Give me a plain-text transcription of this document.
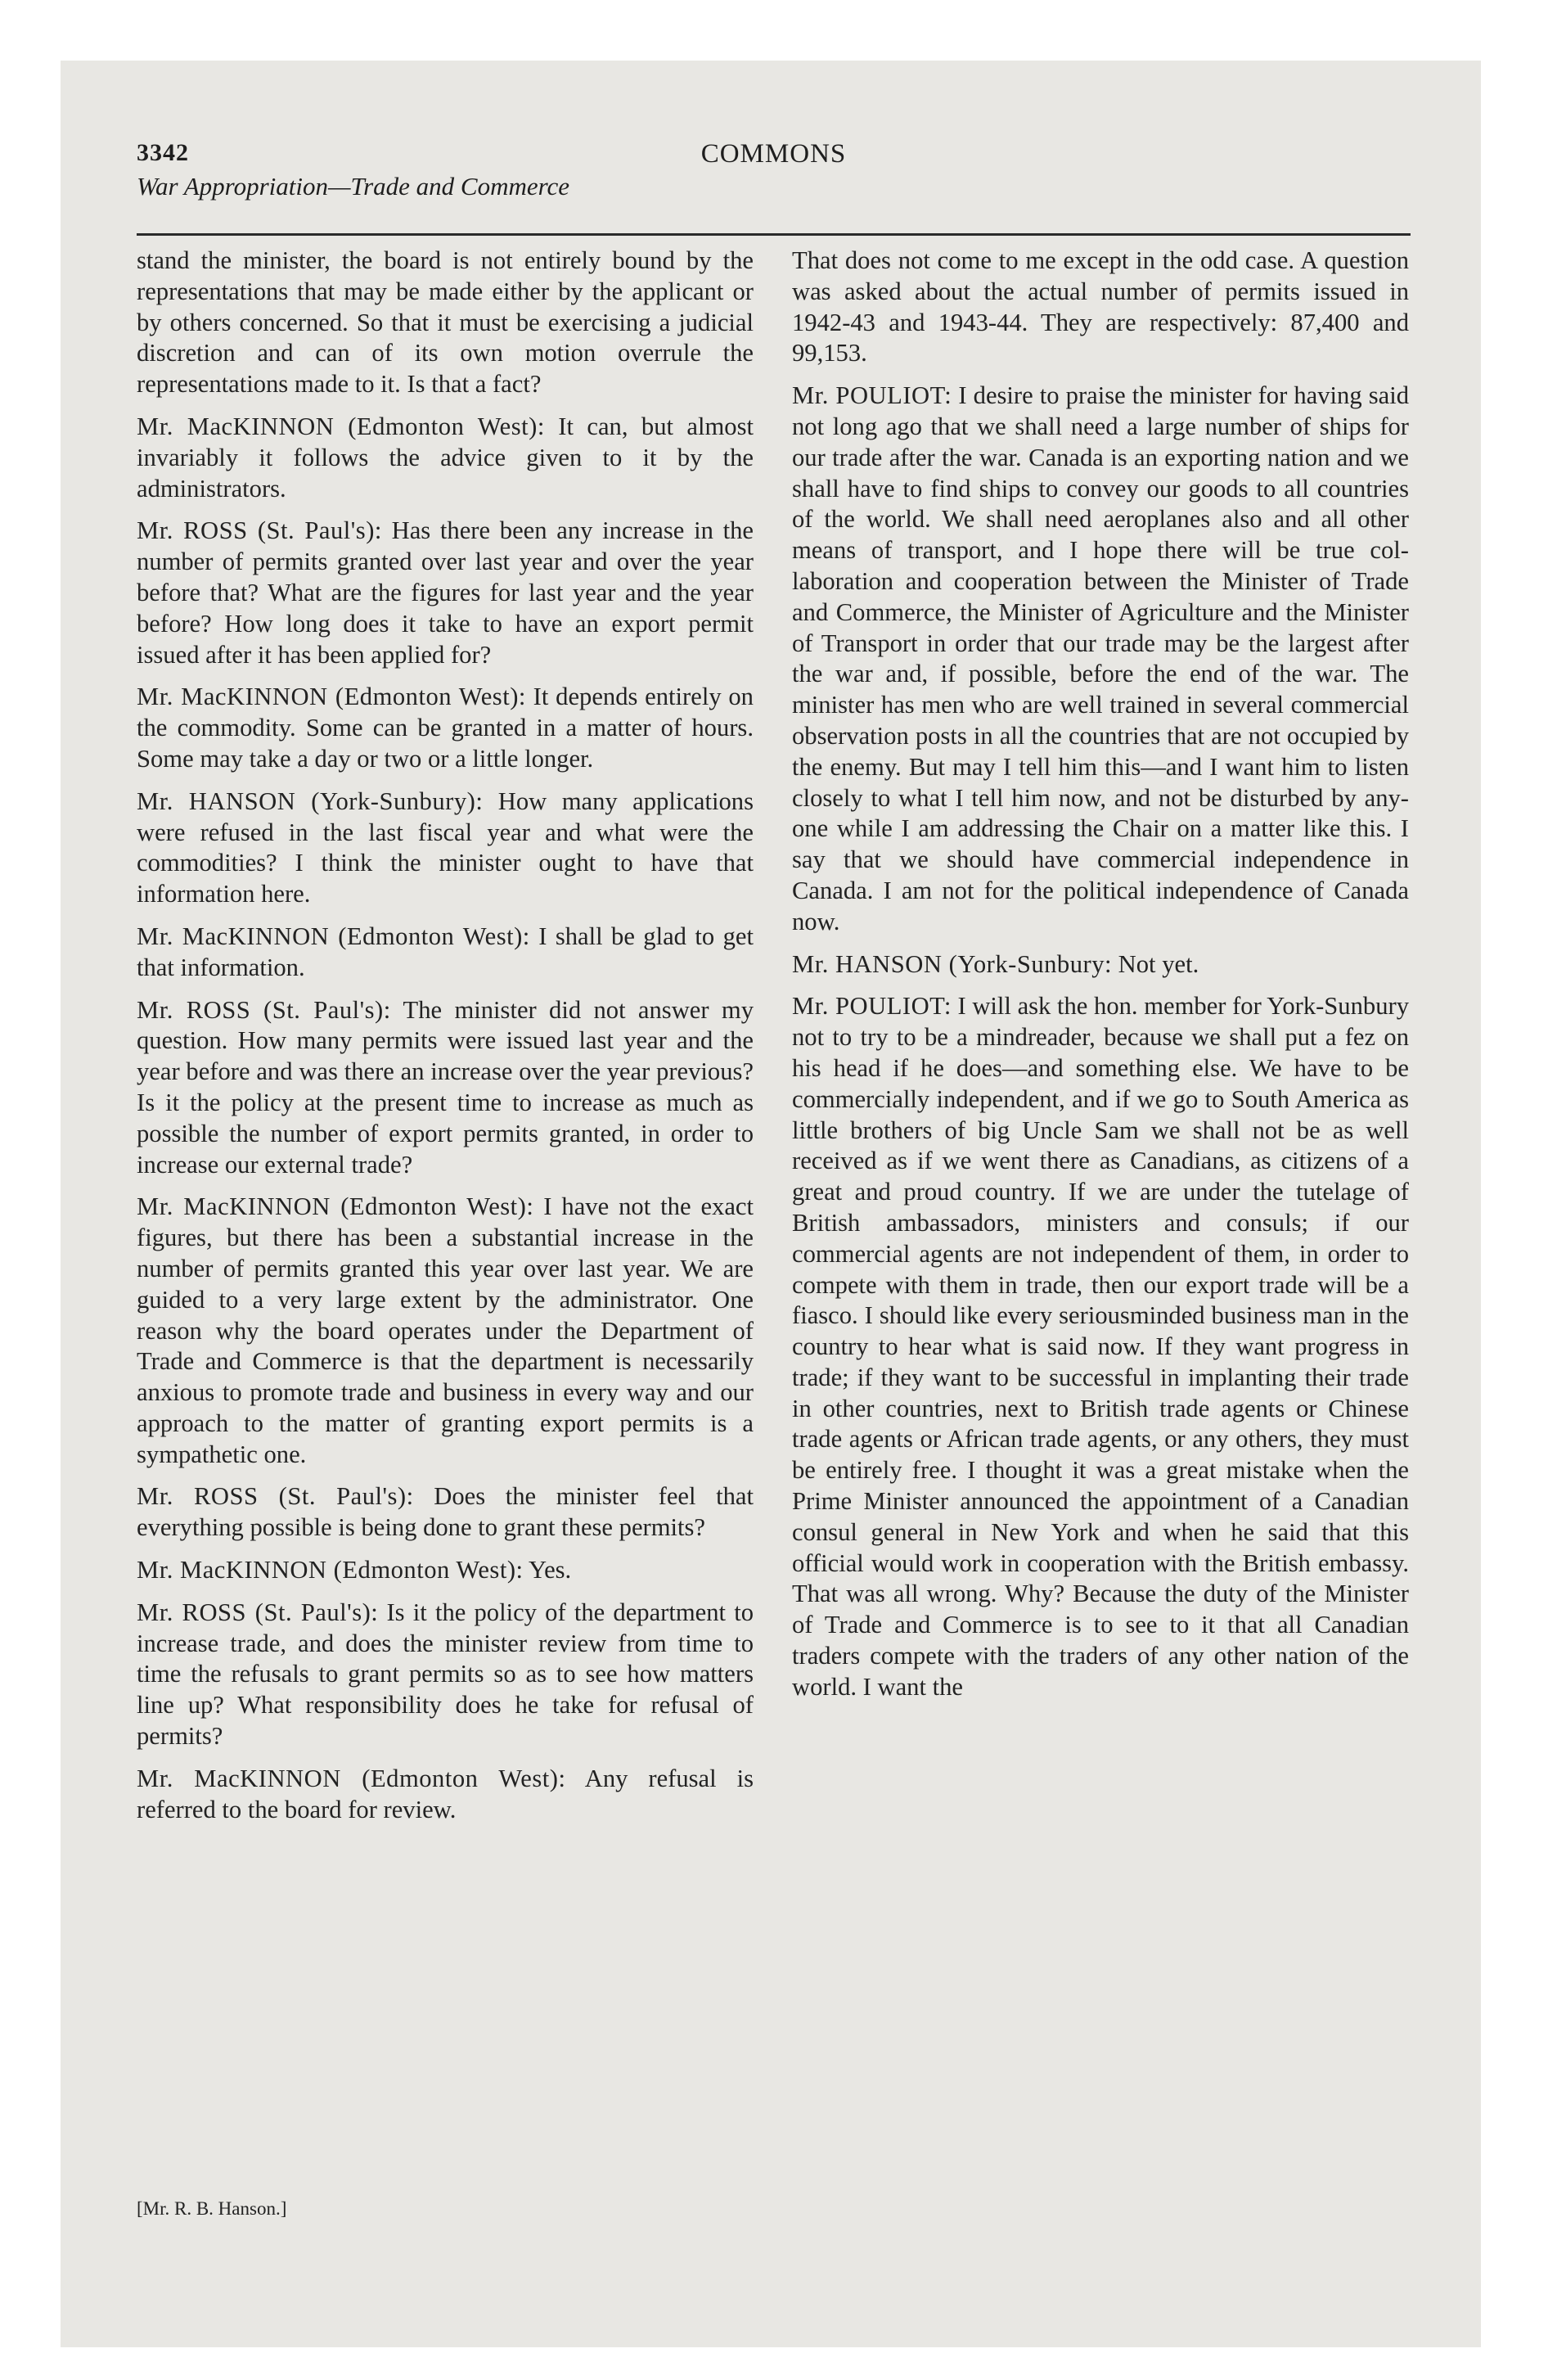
3342	COMMONS
War Appropriation—Trade and Commerce

stand the minister, the board is not entirely bound by the representations that may be made either by the applicant or by others concerned. So that it must be exercising a judicial discretion and can of its own motion overrule the representations made to it. Is that a fact?

Mr. MacKINNON (Edmonton West): It can, but almost invariably it follows the advice given to it by the administrators.

Mr. ROSS (St. Paul's): Has there been any increase in the number of permits granted over last year and over the year before that? What are the figures for last year and the year before? How long does it take to have an export permit issued after it has been applied for?

Mr. MacKINNON (Edmonton West): It depends entirely on the commodity. Some can be granted in a matter of hours. Some may take a day or two or a little longer.

Mr. HANSON (York-Sunbury): How many applications were refused in the last fiscal year and what were the commodities? I think the minister ought to have that information here.

Mr. MacKINNON (Edmonton West): I shall be glad to get that information.

Mr. ROSS (St. Paul's): The minister did not answer my question. How many permits were issued last year and the year before and was there an increase over the year previous? Is it the policy at the present time to increase as much as possible the number of export permits granted, in order to increase our external trade?

Mr. MacKINNON (Edmonton West): I have not the exact figures, but there has been a substantial increase in the number of permits granted this year over last year. We are guided to a very large extent by the administrator. One reason why the board operates under the Department of Trade and Commerce is that the department is necessarily anxious to promote trade and business in every way and our approach to the matter of granting export permits is a sympathetic one.

Mr. ROSS (St. Paul's): Does the minister feel that everything possible is being done to grant these permits?

Mr. MacKINNON (Edmonton West): Yes.

Mr. ROSS (St. Paul's): Is it the policy of the department to increase trade, and does the minister review from time to time the refusals to grant permits so as to see how matters line up? What responsibility does he take for refusal of permits?

Mr. MacKINNON (Edmonton West): Any refusal is referred to the board for review.

That does not come to me except in the odd case. A question was asked about the actual number of permits issued in 1942-43 and 1943-44. They are respectively: 87,400 and 99,153.

Mr. POULIOT: I desire to praise the minister for having said not long ago that we shall need a large number of ships for our trade after the war. Canada is an exporting nation and we shall have to find ships to convey our goods to all countries of the world. We shall need aeroplanes also and all other means of transport, and I hope there will be true collaboration and cooperation between the Minister of Trade and Commerce, the Minister of Agriculture and the Minister of Transport in order that our trade may be the largest after the war and, if possible, before the end of the war. The minister has men who are well trained in several commercial observation posts in all the countries that are not occupied by the enemy. But may I tell him this—and I want him to listen closely to what I tell him now, and not be disturbed by anyone while I am addressing the Chair on a matter like this. I say that we should have commercial independence in Canada. I am not for the political independence of Canada now.

Mr. HANSON (York-Sunbury: Not yet.

Mr. POULIOT: I will ask the hon. member for York-Sunbury not to try to be a mindreader, because we shall put a fez on his head if he does—and something else. We have to be commercially independent, and if we go to South America as little brothers of big Uncle Sam we shall not be as well received as if we went there as Canadians, as citizens of a great and proud country. If we are under the tutelage of British ambassadors, ministers and consuls; if our commercial agents are not independent of them, in order to compete with them in trade, then our export trade will be a fiasco. I should like every seriousminded business man in the country to hear what is said now. If they want progress in trade; if they want to be successful in implanting their trade in other countries, next to British trade agents or Chinese trade agents or African trade agents, or any others, they must be entirely free. I thought it was a great mistake when the Prime Minister announced the appointment of a Canadian consul general in New York and when he said that this official would work in cooperation with the British embassy. That was all wrong. Why? Because the duty of the Minister of Trade and Commerce is to see to it that all Canadian traders compete with the traders of any other nation of the world. I want the

[Mr. R. B. Hanson.]
